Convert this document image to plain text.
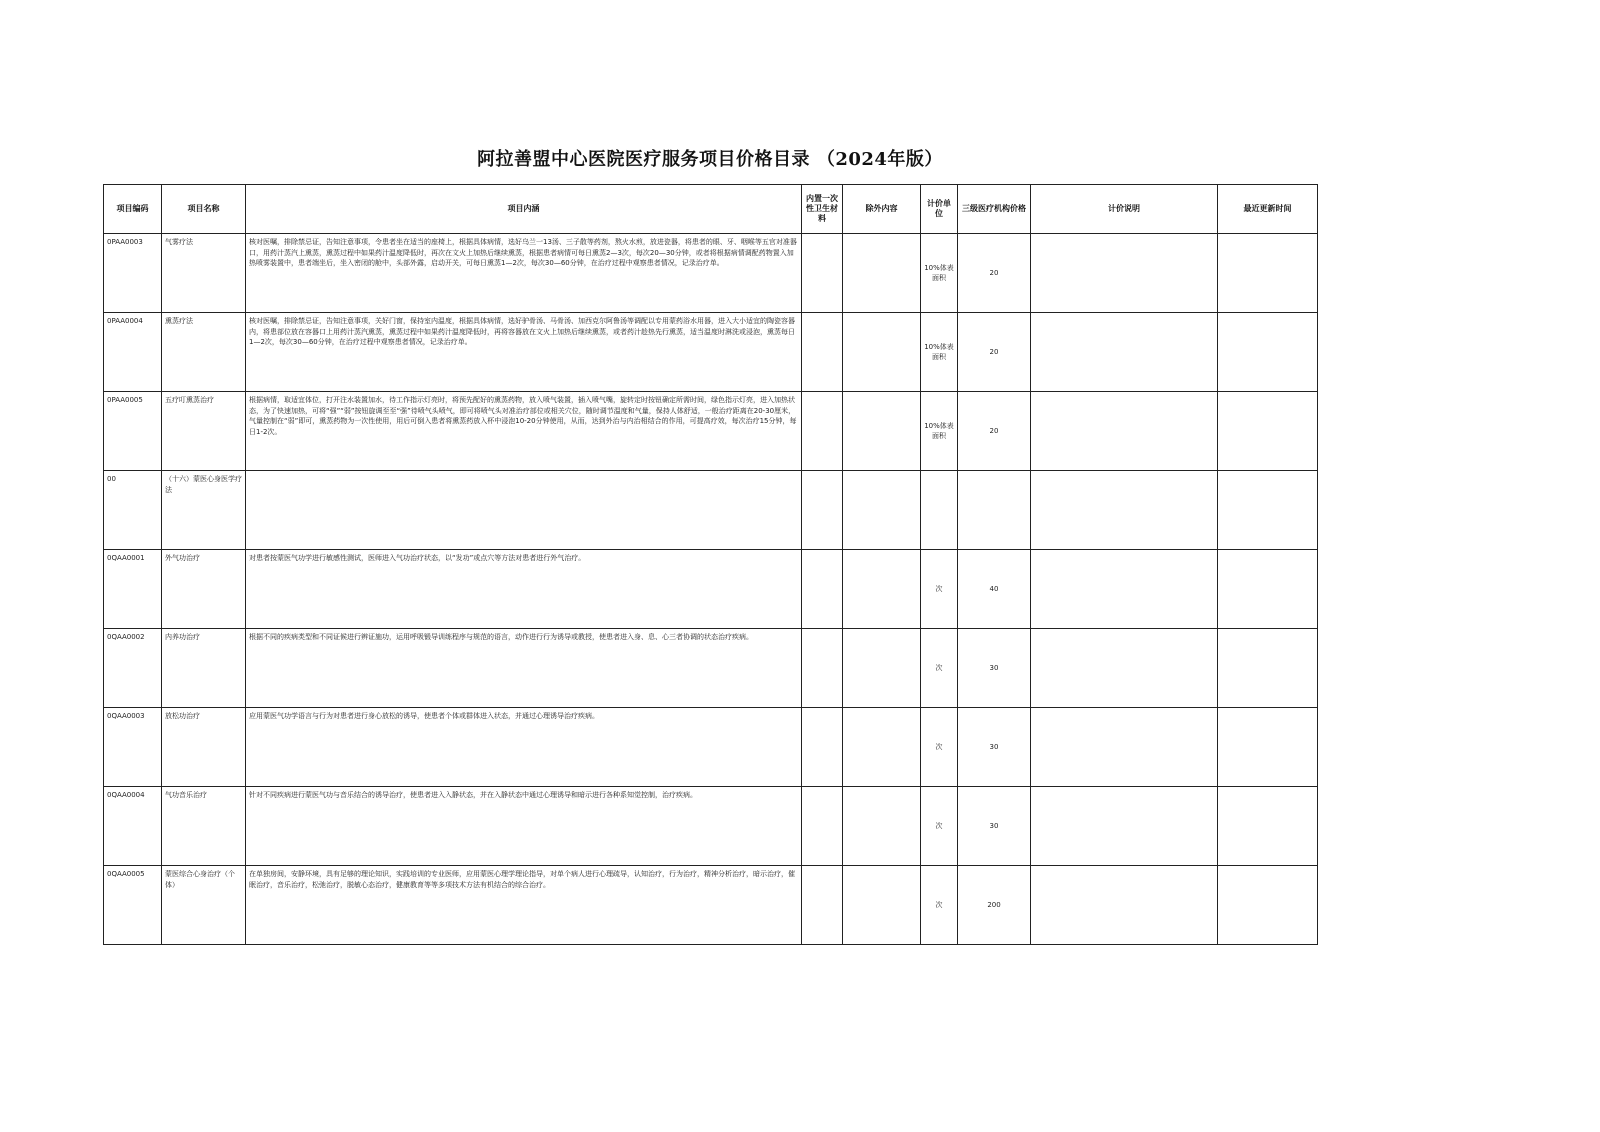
阿拉善盟中心医院医疗服务项目价格目录 （2024年版）
项目编码	项目名称	项目内涵	内置一次性卫生材料	除外内容	计价单位	三级医疗机构价格	计价说明	最近更新时间
0PAA0003	气雾疗法	核对医嘱，排除禁忌证，告知注意事项，令患者坐在适当的座椅上，根据具体病情，选好乌兰一13汤、三子散等药剂，熬火水煎，放进瓷器，将患者的眼、牙、咽喉等五官对准器口，用药汁蒸汽上熏蒸，熏蒸过程中如果药汁温度降低时，再次在文火上加热后继续熏蒸，根据患者病情可每日熏蒸2—3次，每次20—30分钟，或者将根据病情调配药物置入加热喷雾装置中，患者端坐后，坐入密闭的舱中，头部外露，启动开关，可每日熏蒸1—2次，每次30—60分钟，在治疗过程中观察患者情况，记录治疗单。			10%体表面积	20		
0PAA0004	熏蒸疗法	核对医嘱，排除禁忌证，告知注意事项，关好门窗，保持室内温度，根据具体病情，选好驴骨汤、马骨汤、加西克尔阿鲁汤等调配以专用蒙药浴水用器，进入大小适宜的陶瓷容器内，将患部位放在容器口上用药汁蒸汽熏蒸，熏蒸过程中如果药汁温度降低时，再将容器放在文火上加热后继续熏蒸，或者药汁趁热先行熏蒸，适当温度时淋洗或浸泡，熏蒸每日1—2次，每次30—60分钟，在治疗过程中观察患者情况，记录治疗单。			10%体表面积	20		
0PAA0005	五疗叮熏蒸治疗	根据病情，取适宜体位，打开注水装置加水，待工作指示灯亮时，将预先配好的熏蒸药物，放入喷气装置，插入喷气嘴，旋转定时按钮确定所需时间，绿色指示灯亮，进入加热状态，为了快速加热，可将“强”“弱”按钮旋调至至“强”待喷气头喷气，即可将喷气头对准治疗部位或相关穴位，随时调节温度和气量，保持人体舒适，一般治疗距离在20-30厘米，气量控制在“弱”即可，熏蒸药物为一次性使用，用后可倒入患者将熏蒸药放入杯中浸泡10-20分钟使用，从而，达到外治与内治相结合的作用，可提高疗效，每次治疗15分钟，每日1-2次。			10%体表面积	20		
00	（十六）蒙医心身医学疗法							
0QAA0001	外气功治疗	对患者按蒙医气功学进行敏感性测试，医师进入气功治疗状态，以“发功”或点穴等方法对患者进行外气治疗。			次	40		
0QAA0002	内养功治疗	根据不同的疾病类型和不同证候进行辨证施功，运用呼吸锻导训练程序与规范的语言，动作进行行为诱导或教授，使患者进入身、息、心三者协调的状态治疗疾病。			次	30		
0QAA0003	放松功治疗	应用蒙医气功学语言与行为对患者进行身心放松的诱导，使患者个体或群体进入状态，并通过心理诱导治疗疾病。			次	30		
0QAA0004	气功音乐治疗	针对不同疾病进行蒙医气功与音乐结合的诱导治疗，使患者进入入静状态，并在入静状态中通过心理诱导和暗示进行各种系知觉控制，治疗疾病。			次	30		
0QAA0005	蒙医综合心身治疗（个体）	在单独房间，安静环境，具有足够的理论知识，实践培训的专业医师，应用蒙医心理学理论指导，对单个病人进行心理疏导，认知治疗，行为治疗，精神分析治疗，暗示治疗，催眠治疗，音乐治疗，松弛治疗，脱敏心态治疗，健康教育等等多项技术方法有机结合的综合治疗。			次	200		
